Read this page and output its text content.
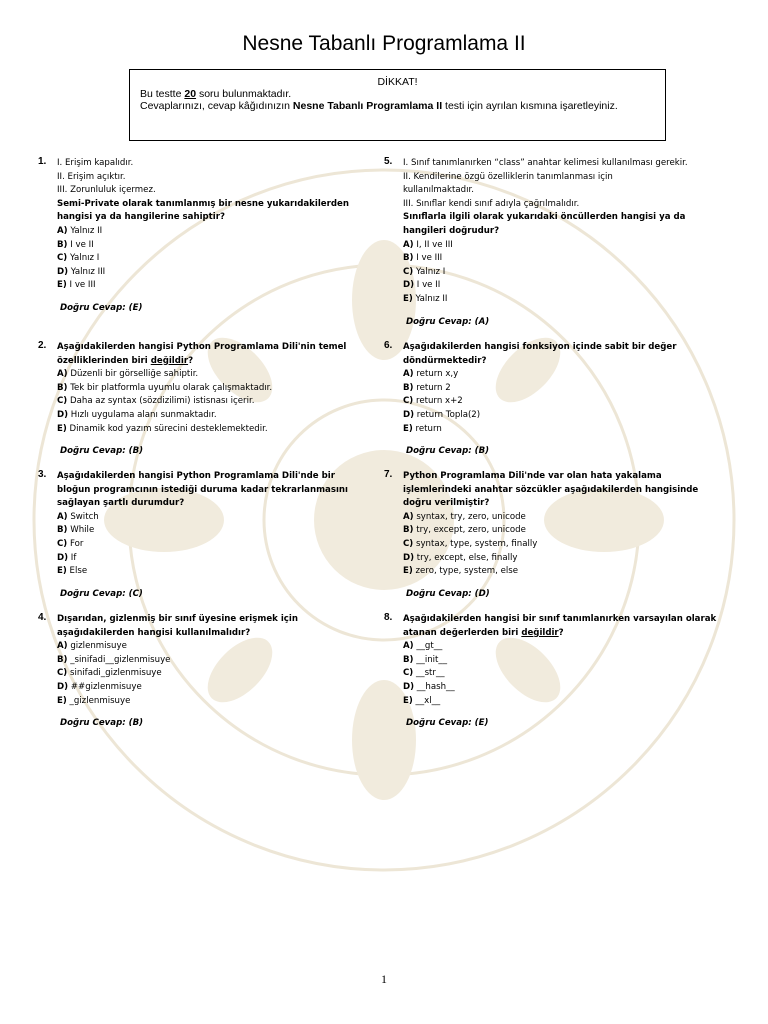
Nesne Tabanlı Programlama II
DİKKAT!
Bu testte 20 soru bulunmaktadır.
Cevaplarınızı, cevap kâğıdınızın Nesne Tabanlı Programlama II testi için ayrılan kısmına işaretleyiniz.
1. I. Erişim kapalıdır.
II. Erişim açıktır.
III. Zorunluluk içermez.
Semi-Private olarak tanımlanmış bir nesne yukarıdakilerden
hangisi ya da hangilerine sahiptir?
A) Yalnız II
B) I ve II
C) Yalnız I
D) Yalnız III
E) I ve III
Doğru Cevap: (E)
2. Aşağıdakilerden hangisi Python Programlama Dili'nin temel
özelliklerinden biri değildir?
A) Düzenli bir görselliğe sahiptir.
B) Tek bir platformla uyumlu olarak çalışmaktadır.
C) Daha az syntax (sözdizilimi) istisnası içerir.
D) Hızlı uygulama alanı sunmaktadır.
E) Dinamik kod yazım sürecini desteklemektedir.
Doğru Cevap: (B)
3. Aşağıdakilerden hangisi Python Programlama Dili'nde bir
bloğun programcının istediği duruma kadar tekrarlanmasını
sağlayan şartlı durumdur?
A) Switch
B) While
C) For
D) If
E) Else
Doğru Cevap: (C)
4. Dışarıdan, gizlenmiş bir sınıf üyesine erişmek için
aşağıdakilerden hangisi kullanılmalıdır?
A) gizlenmisuye
B) _sinifadi__gizlenmisuye
C) sinifadi_gizlenmisuye
D) ##gizlenmisuye
E) _gizlenmisuye
Doğru Cevap: (B)
5. I. Sınıf tanımlanırken “class” anahtar kelimesi kullanılması gerekir.
II. Kendilerine özgü özelliklerin tanımlanması için
kullanılmaktadır.
III. Sınıflar kendi sınıf adıyla çağrılmalıdır.
Sınıflarla ilgili olarak yukarıdaki öncüllerden hangisi ya da
hangileri doğrudur?
A) I, II ve III
B) I ve III
C) Yalnız I
D) I ve II
E) Yalnız II
Doğru Cevap: (A)
6. Aşağıdakilerden hangisi fonksiyon içinde sabit bir değer
döndürmektedir?
A) return x,y
B) return 2
C) return x+2
D) return Topla(2)
E) return
Doğru Cevap: (B)
7. Python Programlama Dili'nde var olan hata yakalama
işlemlerindeki anahtar sözcükler aşağıdakilerden hangisinde
doğru verilmiştir?
A) syntax, try, zero, unicode
B) try, except, zero, unicode
C) syntax, type, system, finally
D) try, except, else, finally
E) zero, type, system, else
Doğru Cevap: (D)
8. Aşağıdakilerden hangisi bir sınıf tanımlanırken varsayılan olarak
atanan değerlerden biri değildir?
A) __gt__
B) __init__
C) __str__
D) __hash__
E) __xl__
Doğru Cevap: (E)
1
